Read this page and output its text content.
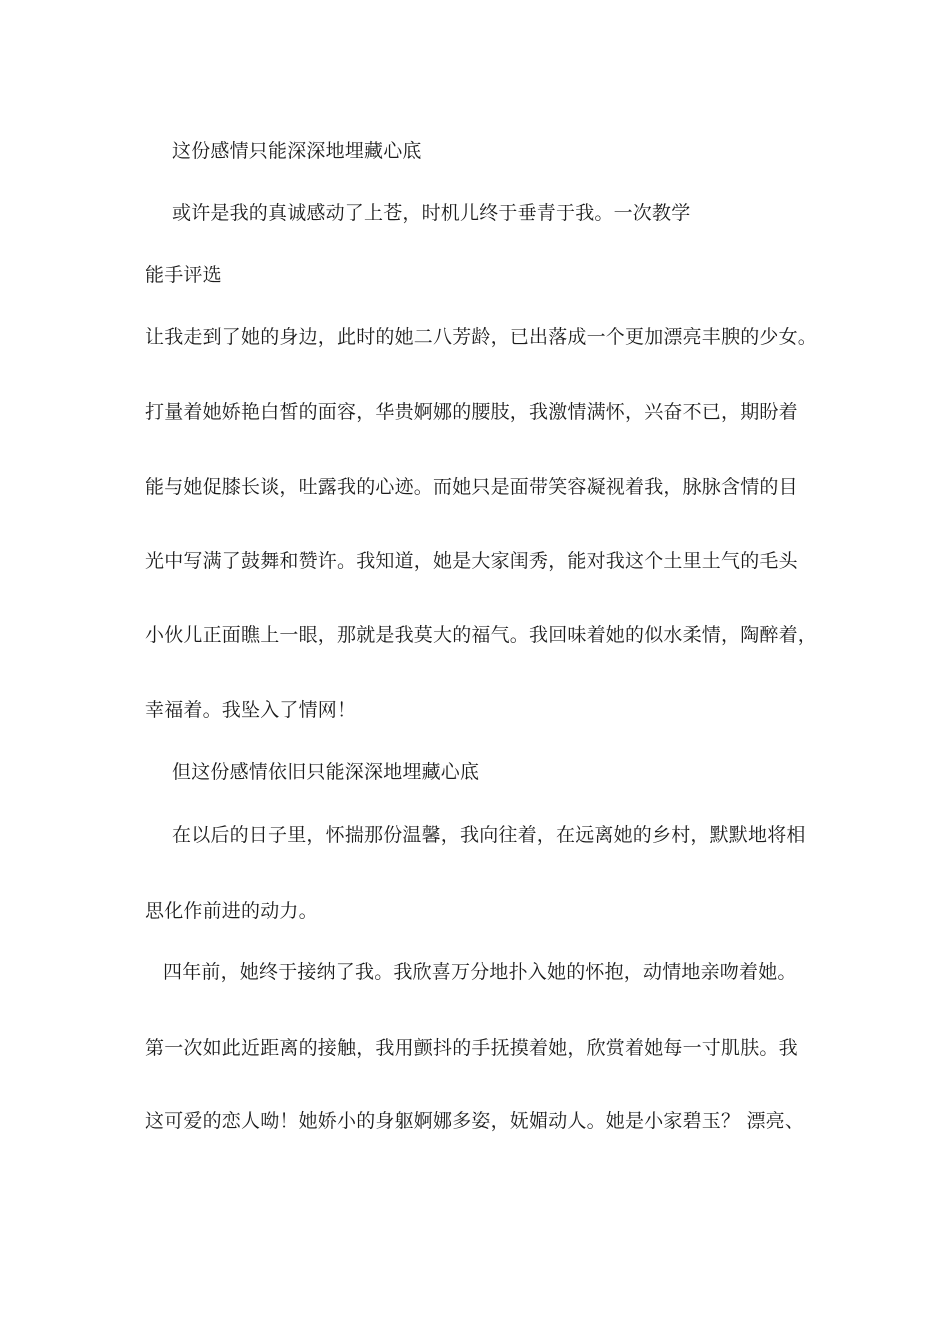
这份感情只能深深地埋藏心底
或许是我的真诚感动了上苍，时机儿终于垂青于我。一次教学
能手评选
让我走到了她的身边，此时的她二八芳龄，已出落成一个更加漂亮丰腴的少女。
打量着她娇艳白皙的面容，华贵婀娜的腰肢，我激情满怀，兴奋不已，期盼着
能与她促膝长谈，吐露我的心迹。而她只是面带笑容凝视着我，脉脉含情的目
光中写满了鼓舞和赞许。我知道，她是大家闺秀，能对我这个土里土气的毛头
小伙儿正面瞧上一眼，那就是我莫大的福气。我回味着她的似水柔情，陶醉着，
幸福着。我坠入了情网！
但这份感情依旧只能深深地埋藏心底
在以后的日子里，怀揣那份温馨，我向往着，在远离她的乡村，默默地将相
思化作前进的动力。
四年前，她终于接纳了我。我欣喜万分地扑入她的怀抱，动情地亲吻着她。
第一次如此近距离的接触，我用颤抖的手抚摸着她，欣赏着她每一寸肌肤。我
这可爱的恋人呦！她娇小的身躯婀娜多姿，妩媚动人。她是小家碧玉？ 漂亮、
